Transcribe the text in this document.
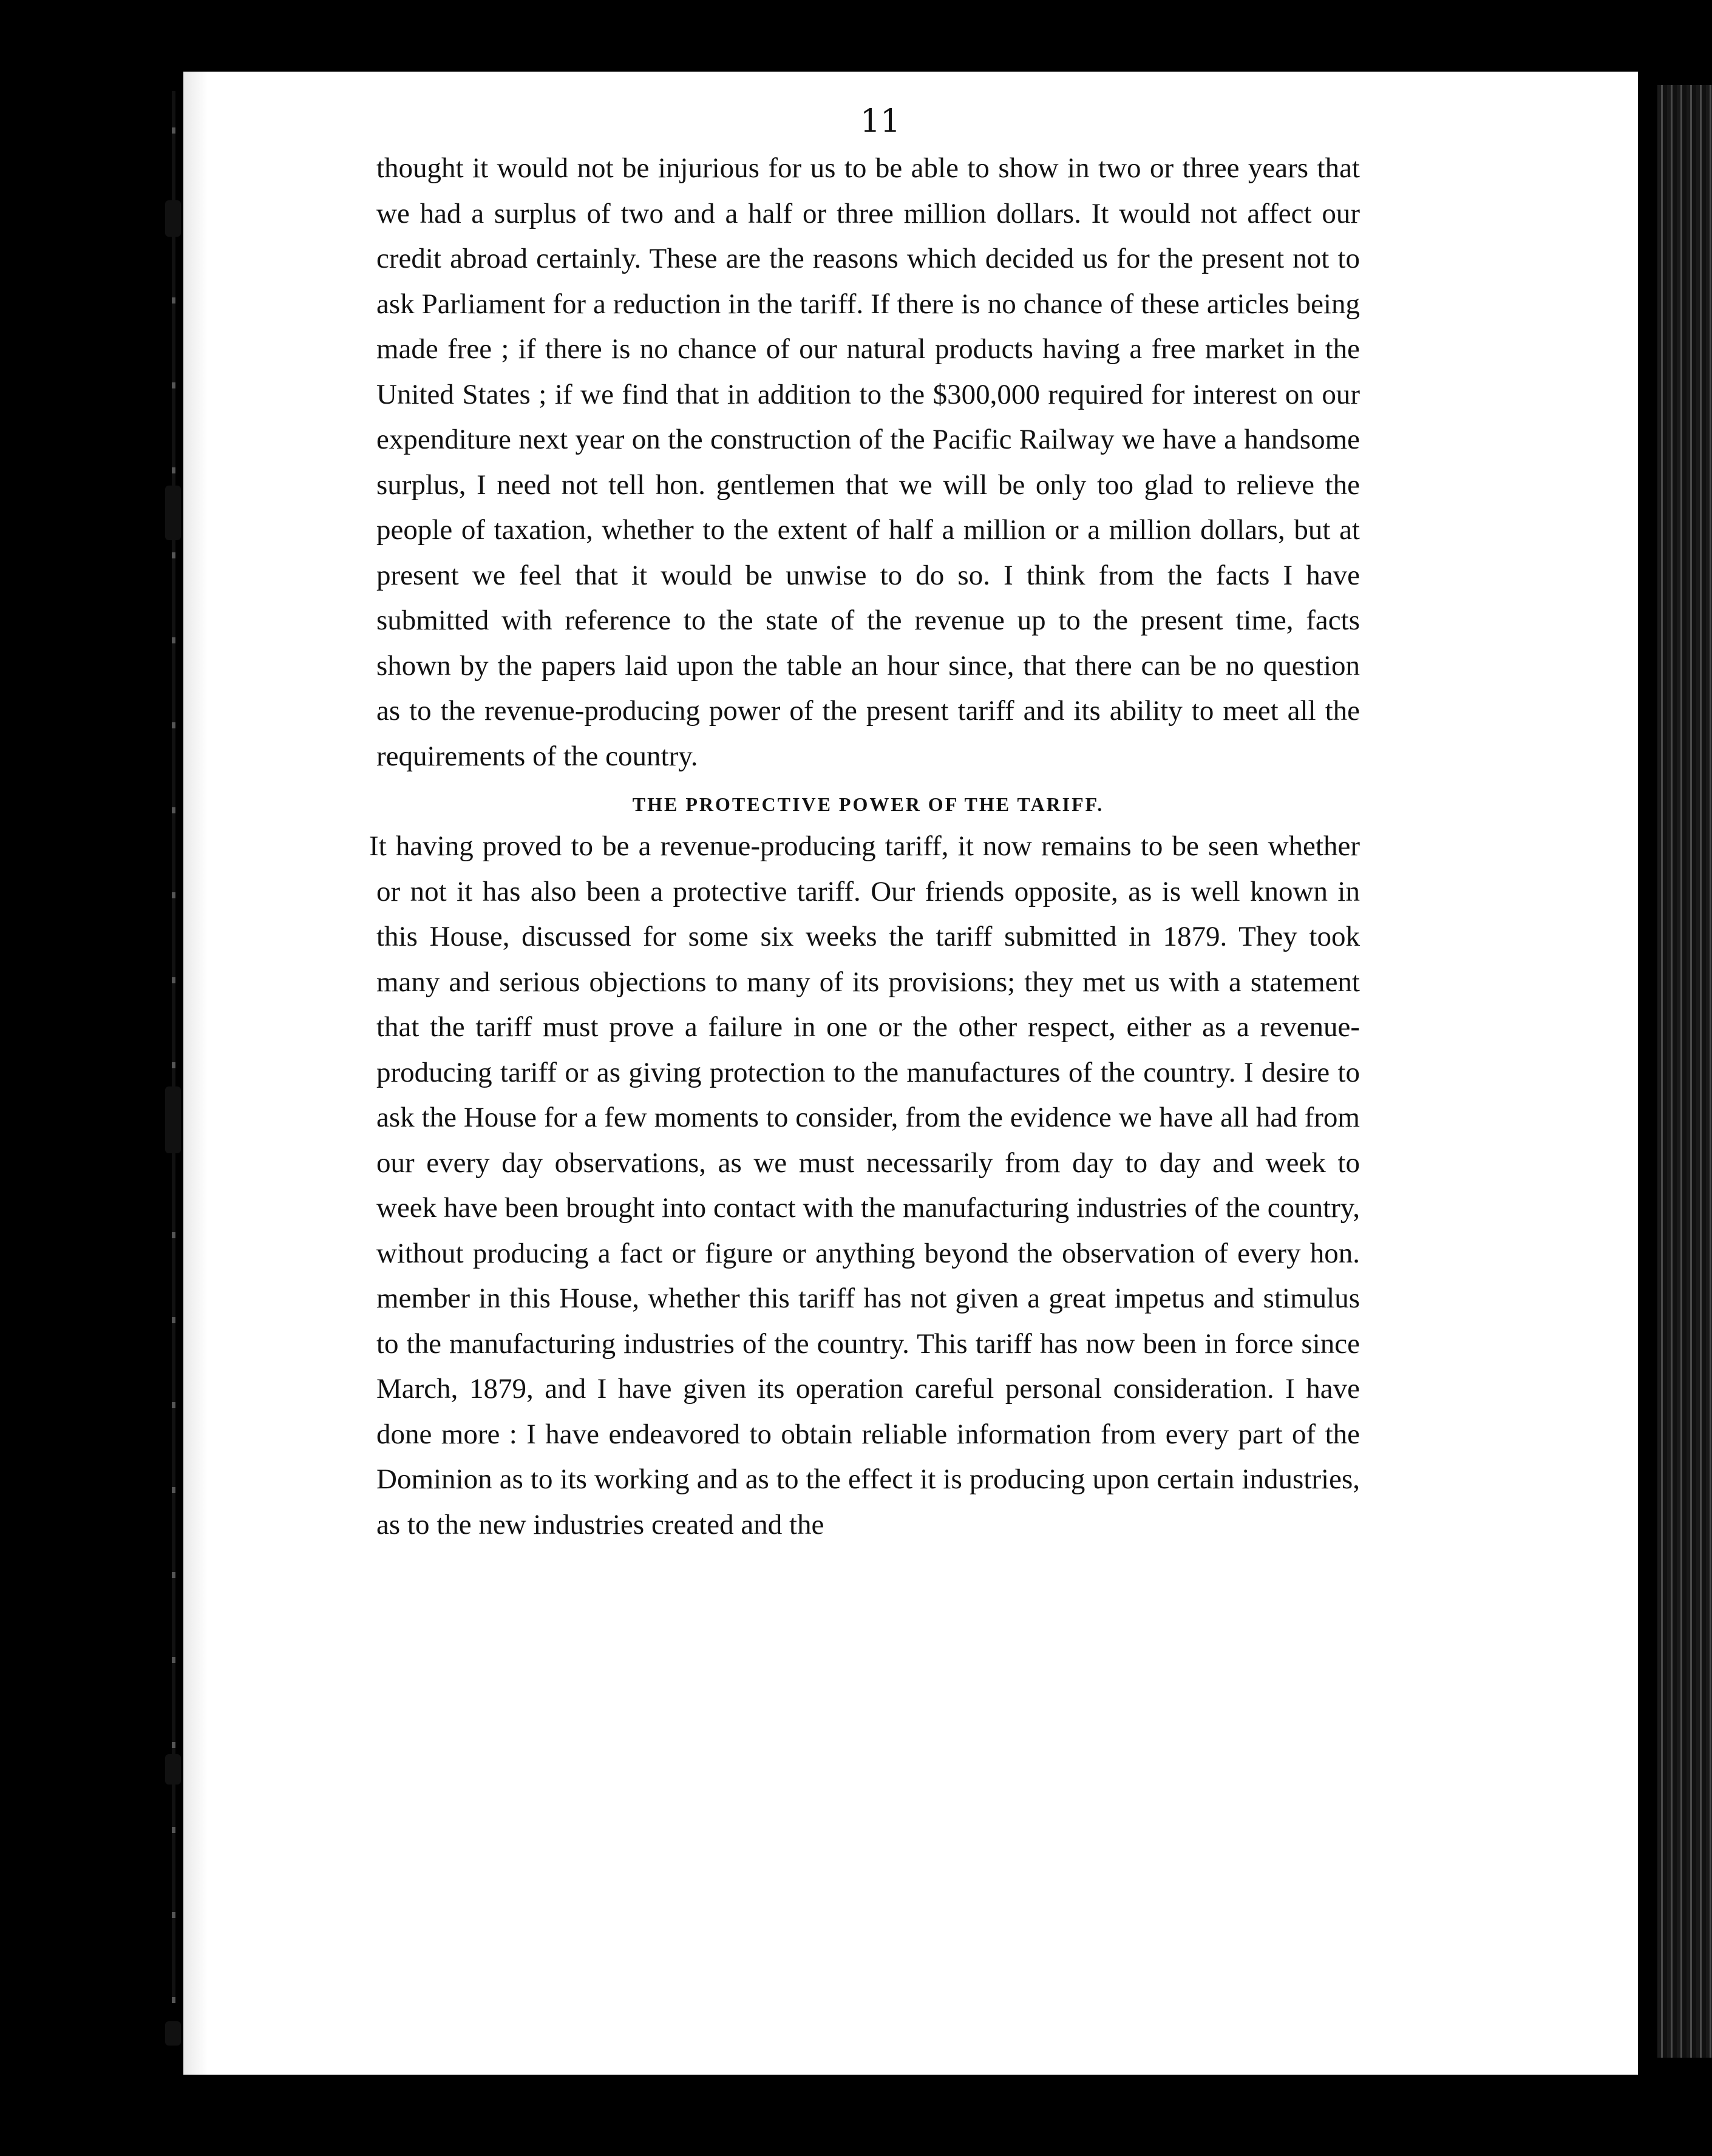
11

thought it would not be injurious for us to be able to show in two or three years that we had a surplus of two and a half or three million dollars. It would not affect our credit abroad certainly. These are the reasons which decided us for the present not to ask Parliament for a reduction in the tariff. If there is no chance of these articles being made free ; if there is no chance of our natural products having a free market in the United States ; if we find that in addition to the $300,000 required for interest on our expenditure next year on the construction of the Pacific Railway we have a handsome surplus, I need not tell hon. gentlemen that we will be only too glad to relieve the people of taxation, whether to the extent of half a million or a million dollars, but at present we feel that it would be unwise to do so. I think from the facts I have submitted with reference to the state of the revenue up to the present time, facts shown by the papers laid upon the table an hour since, that there can be no question as to the revenue-producing power of the present tariff and its ability to meet all the requirements of the country.

THE PROTECTIVE POWER OF THE TARIFF.

It having proved to be a revenue-producing tariff, it now remains to be seen whether or not it has also been a protective tariff. Our friends opposite, as is well known in this House, discussed for some six weeks the tariff submitted in 1879. They took many and serious objections to many of its provisions; they met us with a statement that the tariff must prove a failure in one or the other respect, either as a revenue-producing tariff or as giving protection to the manufactures of the country. I desire to ask the House for a few moments to consider, from the evidence we have all had from our every day observations, as we must necessarily from day to day and week to week have been brought into contact with the manufacturing industries of the country, without producing a fact or figure or anything beyond the observation of every hon. member in this House, whether this tariff has not given a great impetus and stimulus to the manufacturing industries of the country. This tariff has now been in force since March, 1879, and I have given its operation careful personal consideration. I have done more : I have endeavored to obtain reliable information from every part of the Dominion as to its working and as to the effect it is producing upon certain industries, as to the new industries created and the
